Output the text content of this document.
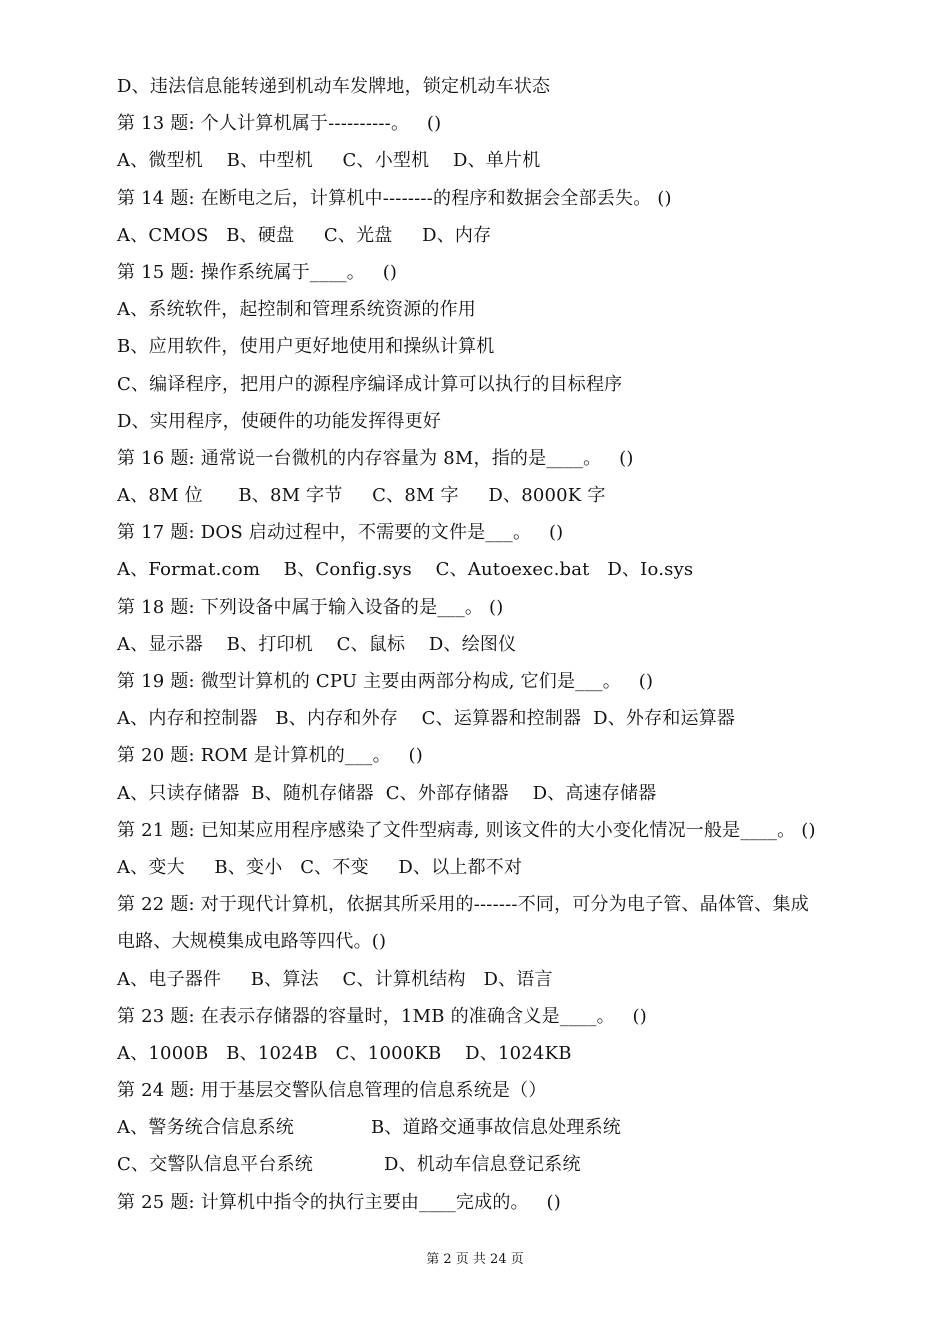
D、违法信息能转递到机动车发牌地，锁定机动车状态
第 13 题: 个人计算机属于----------。   ()
A、微型机    B、中型机     C、小型机    D、单片机
第 14 题: 在断电之后，计算机中--------的程序和数据会全部丢失。 ()
A、CMOS   B、硬盘     C、光盘     D、内存
第 15 题: 操作系统属于____。   ()
A、系统软件，起控制和管理系统资源的作用
B、应用软件，使用户更好地使用和操纵计算机
C、编译程序，把用户的源程序编译成计算可以执行的目标程序
D、实用程序，使硬件的功能发挥得更好
第 16 题: 通常说一台微机的内存容量为 8M，指的是____。   ()
A、8M 位      B、8M 字节     C、8M 字     D、8000K 字
第 17 题: DOS 启动过程中，不需要的文件是___。   ()
A、Format.com    B、Config.sys    C、Autoexec.bat   D、Io.sys
第 18 题: 下列设备中属于输入设备的是___。 ()
A、显示器    B、打印机    C、鼠标    D、绘图仪
第 19 题: 微型计算机的 CPU 主要由两部分构成, 它们是___。   ()
A、内存和控制器   B、内存和外存    C、运算器和控制器  D、外存和运算器
第 20 题: ROM 是计算机的___。   ()
A、只读存储器  B、随机存储器  C、外部存储器    D、高速存储器
第 21 题: 已知某应用程序感染了文件型病毒, 则该文件的大小变化情况一般是____。 ()
A、变大     B、变小   C、不变     D、以上都不对
第 22 题: 对于现代计算机，依据其所采用的-------不同，可分为电子管、晶体管、集成
电路、大规模集成电路等四代。()
A、电子器件     B、算法    C、计算机结构   D、语言
第 23 题: 在表示存储器的容量时，1MB 的准确含义是____。   ()
A、1000B   B、1024B   C、1000KB    D、1024KB
第 24 题: 用于基层交警队信息管理的信息系统是（）
A、警务统合信息系统             B、道路交通事故信息处理系统
C、交警队信息平台系统            D、机动车信息登记系统
第 25 题: 计算机中指令的执行主要由____完成的。   ()
第 2 页 共 24 页
